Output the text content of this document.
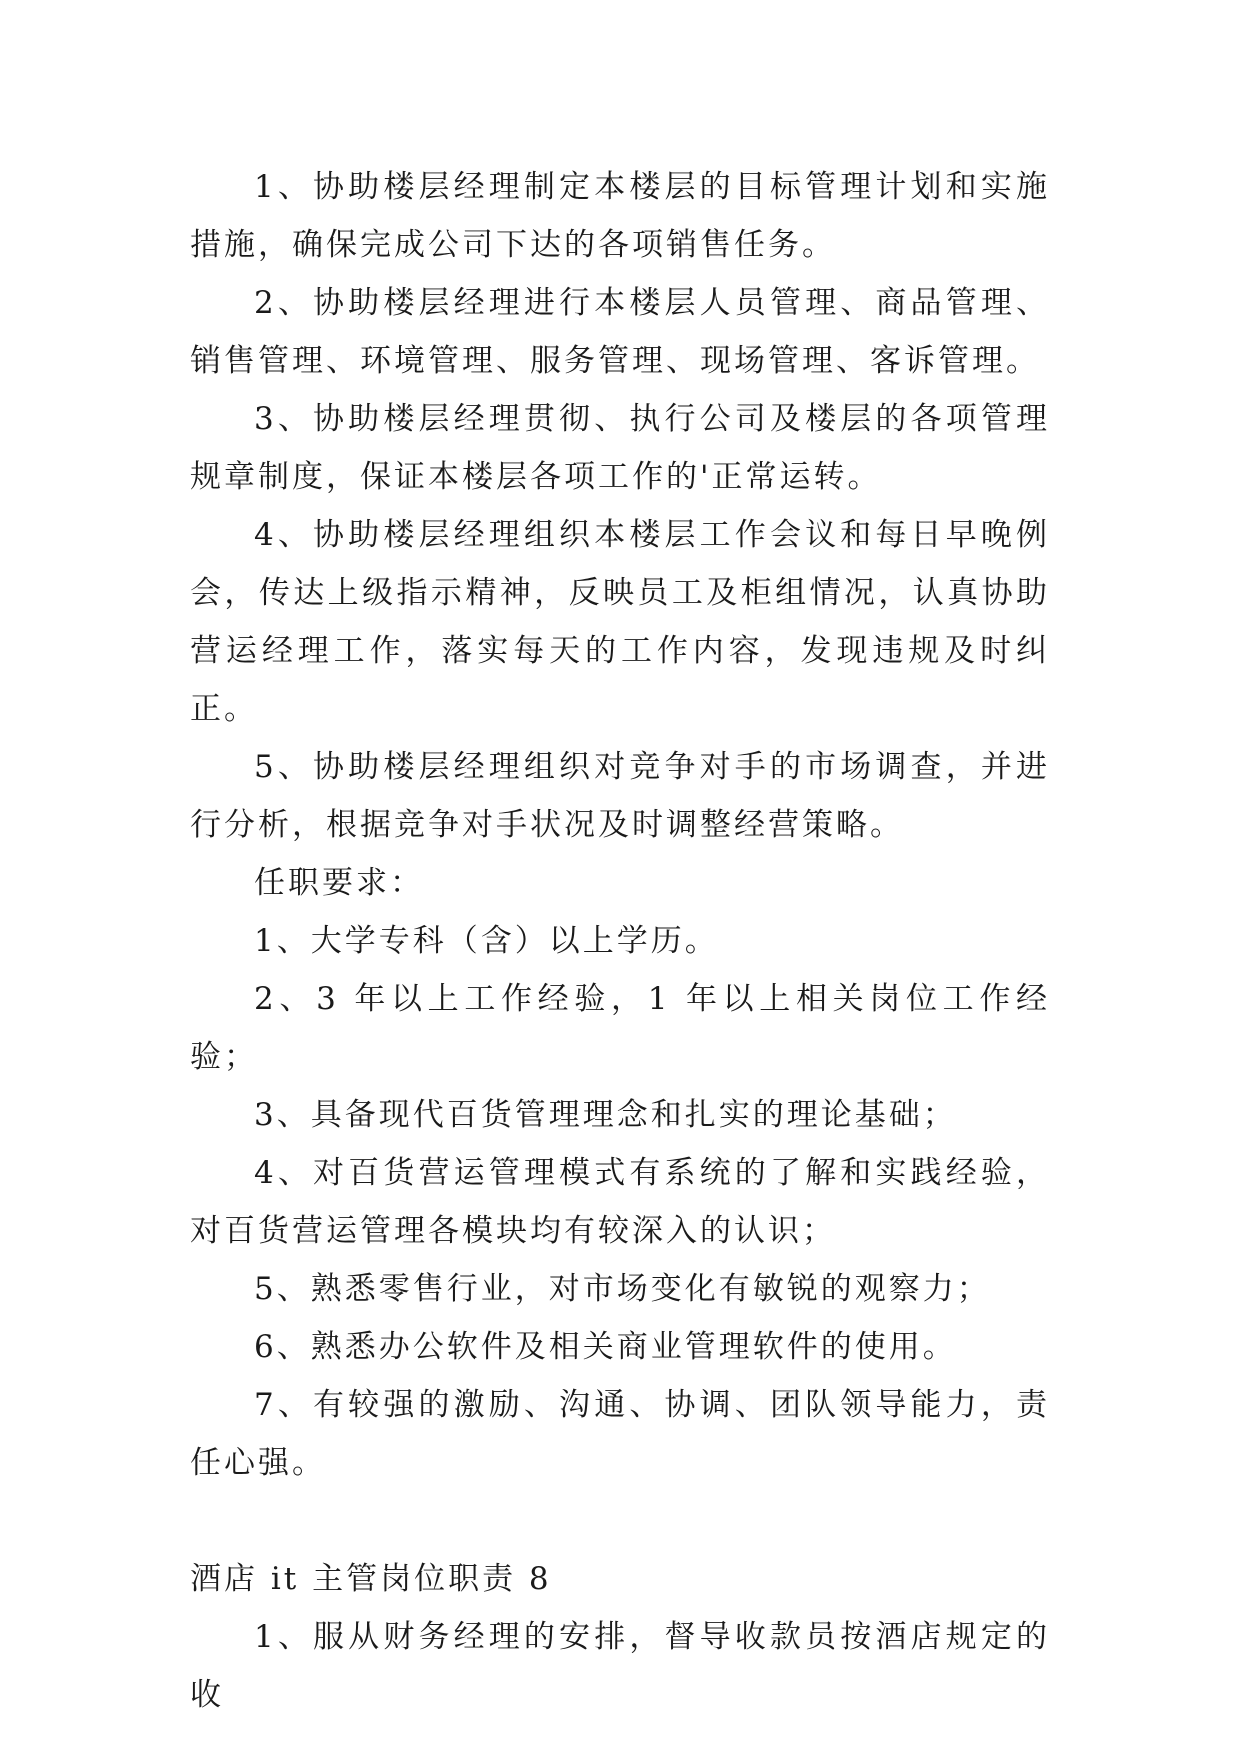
1、协助楼层经理制定本楼层的目标管理计划和实施措施，确保完成公司下达的各项销售任务。

2、协助楼层经理进行本楼层人员管理、商品管理、销售管理、环境管理、服务管理、现场管理、客诉管理。

3、协助楼层经理贯彻、执行公司及楼层的各项管理规章制度，保证本楼层各项工作的'正常运转。

4、协助楼层经理组织本楼层工作会议和每日早晚例会，传达上级指示精神，反映员工及柜组情况，认真协助营运经理工作，落实每天的工作内容，发现违规及时纠正。

5、协助楼层经理组织对竞争对手的市场调查，并进行分析，根据竞争对手状况及时调整经营策略。

任职要求：

1、大学专科（含）以上学历。

2、3 年以上工作经验，1 年以上相关岗位工作经验；

3、具备现代百货管理理念和扎实的理论基础；

4、对百货营运管理模式有系统的了解和实践经验，对百货营运管理各模块均有较深入的认识；

5、熟悉零售行业，对市场变化有敏锐的观察力；

6、熟悉办公软件及相关商业管理软件的使用。

7、有较强的激励、沟通、协调、团队领导能力，责任心强。

酒店 it 主管岗位职责 8

1、服从财务经理的安排，督导收款员按酒店规定的收
